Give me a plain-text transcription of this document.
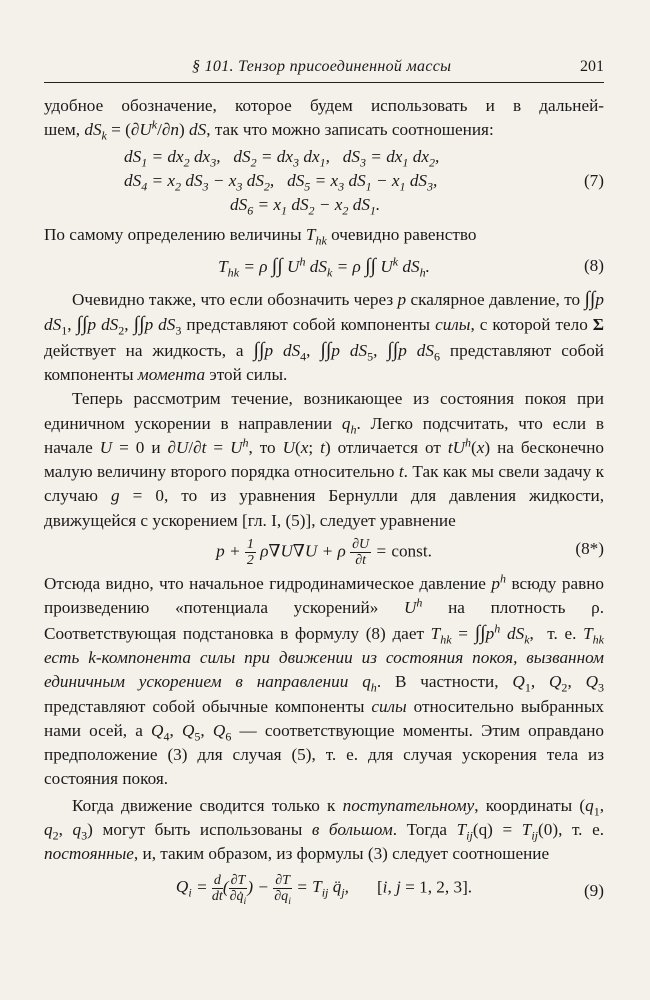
§ 101. Тензор присоединенной массы	201

удобное обозначение, которое будем использовать и в дальней-

шем, $dS_k = (\partial U^k/\partial n)$ dS, так что можно записать соотношения:

$dS_1 = dx_2$ $dx_3$,   $dS_2 = dx_3$ $dx_1$,   $dS_3 = dx_1$ $dx_2$,
$dS_4 = x_2$ $dS_3 - x_3$ $dS_2$,   $dS_5 = x_3$ $dS_1 - x_1$ $dS_3$,
$dS_6 = x_1$ $dS_2 - x_2$ $dS_1$.
(7)

По самому определению величины $T_{hk}$ очевидно равенство

$T_{hk} = \rho$ ∫∫ $U^h$ $dS_k = \rho$ ∫∫ $U^k$ $dS_h$.	(8)

Очевидно также, что если обозначить через p скалярное давление, то ∫∫p $dS_1$, ∫∫p $dS_2$, ∫∫p $dS_3$ представляют собой компоненты силы, с которой тело Σ действует на жидкость, а ∫∫p $dS_4$, ∫∫p $dS_5$, ∫∫p $dS_6$ представляют собой компоненты момента этой силы.

Теперь рассмотрим течение, возникающее из состояния покоя при единичном ускорении в направлении $q_h$. Легко подсчитать, что если в начале U = 0 и $\partial U/\partial t = U^h$, то U(x; t) отличается от $tU^h(x)$ на бесконечно малую величину второго порядка относительно t. Так как мы свели задачу к случаю g = 0, то из уравнения Бернулли для давления жидкости, движущейся с ускорением [гл. I, (5)], следует уравнение

$p + \frac{1}{2} \rho\nabla U\nabla U + \rho \frac{\partial U}{\partial t}$ = const.	(8*)

Отсюда видно, что начальное гидродинамическое давление $p^h$ всюду равно произведению «потенциала ускорений» $U^h$ на плотность ρ. Соответствующая подстановка в формулу (8) дает $T_{hk} = \int\int p^h$ $dS_k$,  т. е. $T_{hk}$ есть k-компонента силы при движении из состояния покоя, вызванном единичным ускорением в направлении $q_h$. В частности, $Q_1$, $Q_2$, $Q_3$ представляют собой обычные компоненты силы относительно выбранных нами осей, а $Q_4$, $Q_5$, $Q_6$ — соответствующие моменты. Этим оправдано предположение (3) для случая (5), т. е. для случая ускорения тела из состояния покоя.

Когда движение сводится только к поступательному, координаты ($q_1$, $q_2$, $q_3$) могут быть использованы в большом. Тогда $T_{ij}(q) = T_{ij}(0)$, т. е. постоянные, и, таким образом, из формулы (3) следует соотношение

$Q_i = \frac{d}{dt}$ ( $\frac{\partial T}{\partial q̇_i}$ ) − $\frac{\partial T}{\partial q_i} = T_{ij}$ $q̈_j$, [i, j = 1, 2, 3].	(9)
